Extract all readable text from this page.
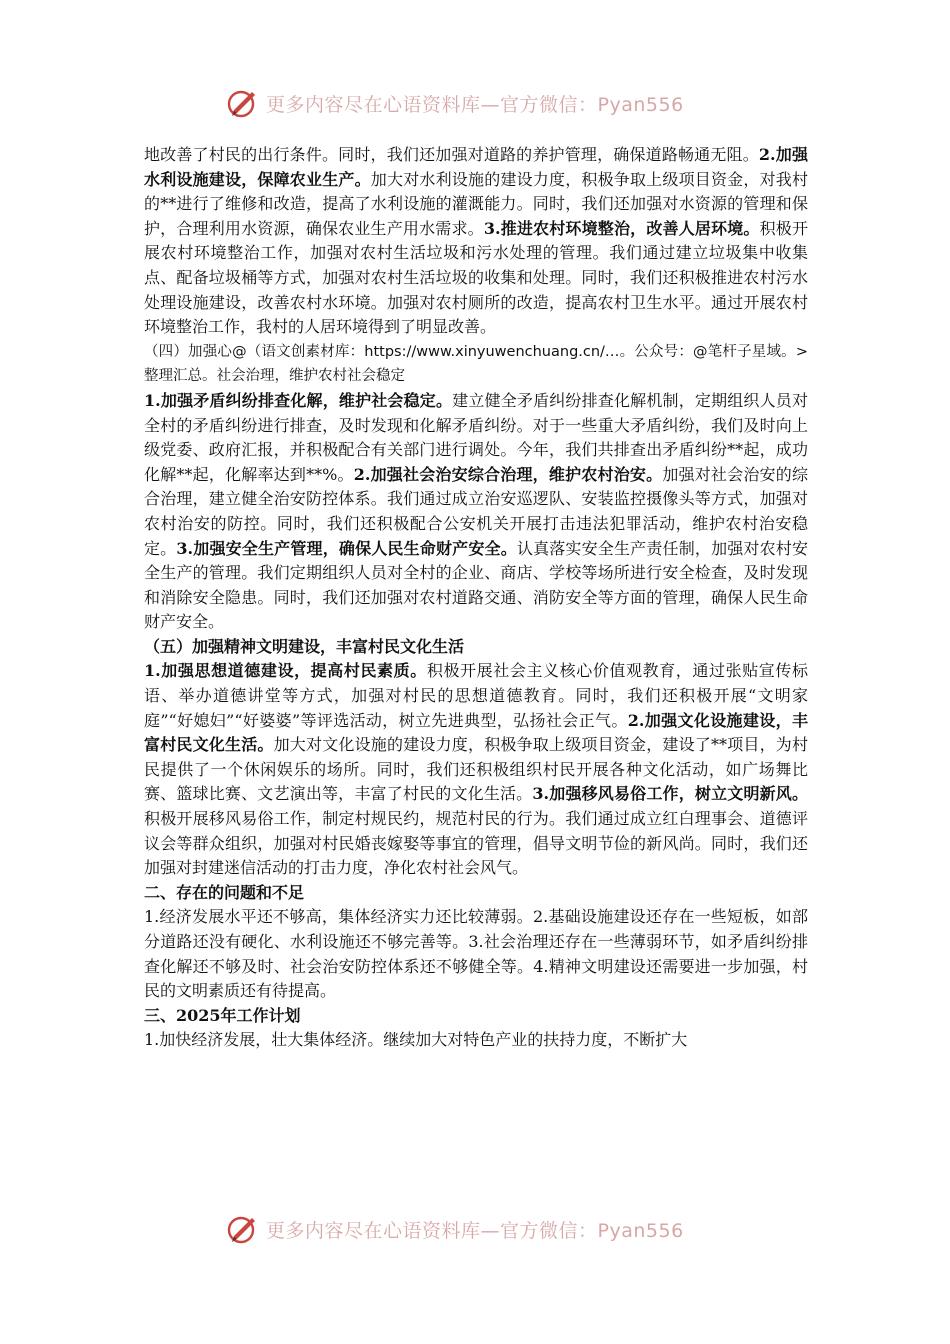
更多内容尽在心语资料库—官方微信：Pyan556

地改善了村民的出行条件。同时，我们还加强对道路的养护管理，确保道路畅通无阻。2.加强水利设施建设，保障农业生产。加大对水利设施的建设力度，积极争取上级项目资金，对我村的**进行了维修和改造，提高了水利设施的灌溉能力。同时，我们还加强对水资源的管理和保护，合理利用水资源，确保农业生产用水需求。3.推进农村环境整治，改善人居环境。积极开展农村环境整治工作，加强对农村生活垃圾和污水处理的管理。我们通过建立垃圾集中收集点、配备垃圾桶等方式，加强对农村生活垃圾的收集和处理。同时，我们还积极推进农村污水处理设施建设，改善农村水环境。加强对农村厕所的改造，提高农村卫生水平。通过开展农村环境整治工作，我村的人居环境得到了明显改善。

（四）加强心@（语文创素材库：https://www.xinyuwenchuang.cn/…。公众号：@笔杆子星域。>整理汇总。社会治理，维护农村社会稳定

1.加强矛盾纠纷排查化解，维护社会稳定。建立健全矛盾纠纷排查化解机制，定期组织人员对全村的矛盾纠纷进行排查，及时发现和化解矛盾纠纷。对于一些重大矛盾纠纷，我们及时向上级党委、政府汇报，并积极配合有关部门进行调处。今年，我们共排查出矛盾纠纷**起，成功化解**起，化解率达到**%。2.加强社会治安综合治理，维护农村治安。加强对社会治安的综合治理，建立健全治安防控体系。我们通过成立治安巡逻队、安装监控摄像头等方式，加强对农村治安的防控。同时，我们还积极配合公安机关开展打击违法犯罪活动，维护农村治安稳定。3.加强安全生产管理，确保人民生命财产安全。认真落实安全生产责任制，加强对农村安全生产的管理。我们定期组织人员对全村的企业、商店、学校等场所进行安全检查，及时发现和消除安全隐患。同时，我们还加强对农村道路交通、消防安全等方面的管理，确保人民生命财产安全。

（五）加强精神文明建设，丰富村民文化生活

1.加强思想道德建设，提高村民素质。积极开展社会主义核心价值观教育，通过张贴宣传标语、举办道德讲堂等方式，加强对村民的思想道德教育。同时，我们还积极开展“文明家庭”“好媳妇”“好婆婆”等评选活动，树立先进典型，弘扬社会正气。2.加强文化设施建设，丰富村民文化生活。加大对文化设施的建设力度，积极争取上级项目资金，建设了**项目，为村民提供了一个休闲娱乐的场所。同时，我们还积极组织村民开展各种文化活动，如广场舞比赛、篮球比赛、文艺演出等，丰富了村民的文化生活。3.加强移风易俗工作，树立文明新风。积极开展移风易俗工作，制定村规民约，规范村民的行为。我们通过成立红白理事会、道德评议会等群众组织，加强对村民婚丧嫁娶等事宜的管理，倡导文明节俭的新风尚。同时，我们还加强对封建迷信活动的打击力度，净化农村社会风气。

二、存在的问题和不足

1.经济发展水平还不够高，集体经济实力还比较薄弱。2.基础设施建设还存在一些短板，如部分道路还没有硬化、水利设施还不够完善等。3.社会治理还存在一些薄弱环节，如矛盾纠纷排查化解还不够及时、社会治安防控体系还不够健全等。4.精神文明建设还需要进一步加强，村民的文明素质还有待提高。

三、2025年工作计划

1.加快经济发展，壮大集体经济。继续加大对特色产业的扶持力度，不断扩大

更多内容尽在心语资料库—官方微信：Pyan556
